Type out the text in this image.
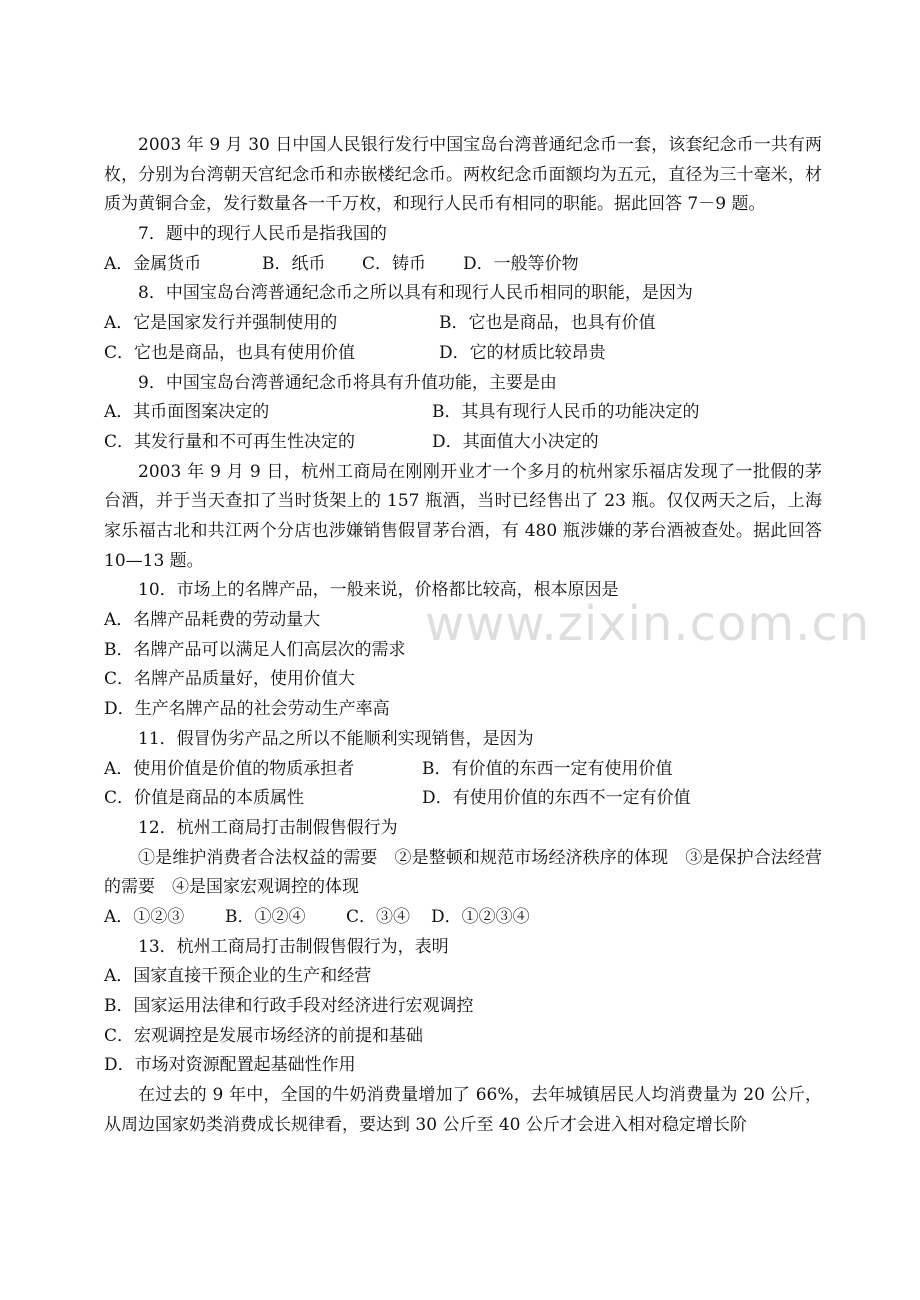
www.zixin.com.cn

2003 年 9 月 30 日中国人民银行发行中国宝岛台湾普通纪念币一套，该套纪念币一共有两枚，分别为台湾朝天宫纪念币和赤嵌楼纪念币。两枚纪念币面额均为五元，直径为三十毫米，材质为黄铜合金，发行数量各一千万枚，和现行人民币有相同的职能。据此回答 7－9 题。

7．题中的现行人民币是指我国的
A．金属货币	B．纸币 C．铸币 D．一般等价物
8．中国宝岛台湾普通纪念币之所以具有和现行人民币相同的职能，是因为
A．它是国家发行并强制使用的	B．它也是商品，也具有价值
C．它也是商品，也具有使用价值	D．它的材质比较昂贵
9．中国宝岛台湾普通纪念币将具有升值功能，主要是由
A．其币面图案决定的	B．其具有现行人民币的功能决定的
C．其发行量和不可再生性决定的	D．其面值大小决定的

2003 年 9 月 9 日，杭州工商局在刚刚开业才一个多月的杭州家乐福店发现了一批假的茅台酒，并于当天查扣了当时货架上的 157 瓶酒，当时已经售出了 23 瓶。仅仅两天之后，上海家乐福古北和共江两个分店也涉嫌销售假冒茅台酒，有 480 瓶涉嫌的茅台酒被查处。据此回答 10—13 题。

10．市场上的名牌产品，一般来说，价格都比较高，根本原因是
A．名牌产品耗费的劳动量大
B．名牌产品可以满足人们高层次的需求
C．名牌产品质量好，使用价值大
D．生产名牌产品的社会劳动生产率高
11．假冒伪劣产品之所以不能顺利实现销售，是因为
A．使用价值是价值的物质承担者	B．有价值的东西一定有使用价值
C．价值是商品的本质属性	D．有使用价值的东西不一定有价值
12．杭州工商局打击制假售假行为

①是维护消费者合法权益的需要　②是整顿和规范市场经济秩序的体现　③是保护合法经营的需要　④是国家宏观调控的体现

A．①②③ B．①②④ C．③④ D．①②③④
13．杭州工商局打击制假售假行为，表明
A．国家直接干预企业的生产和经营
B．国家运用法律和行政手段对经济进行宏观调控
C．宏观调控是发展市场经济的前提和基础
D．市场对资源配置起基础性作用

在过去的 9 年中，全国的牛奶消费量增加了 66%，去年城镇居民人均消费量为 20 公斤，从周边国家奶类消费成长规律看，要达到 30 公斤至 40 公斤才会进入相对稳定增长阶
